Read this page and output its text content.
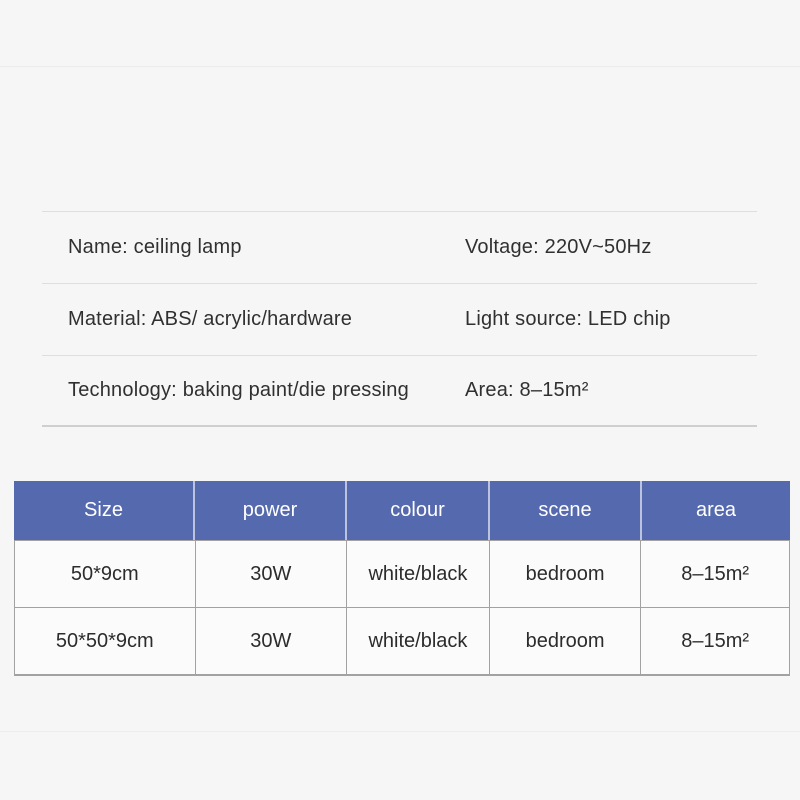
Name: ceiling lamp	Voltage: 220V~50Hz
Material: ABS/ acrylic/hardware	Light source: LED chip
Technology: baking paint/die pressing	Area: 8–15m²
Size	power	colour	scene	area
50*9cm	30W	white/black	bedroom	8–15m²
50*50*9cm	30W	white/black	bedroom	8–15m²
